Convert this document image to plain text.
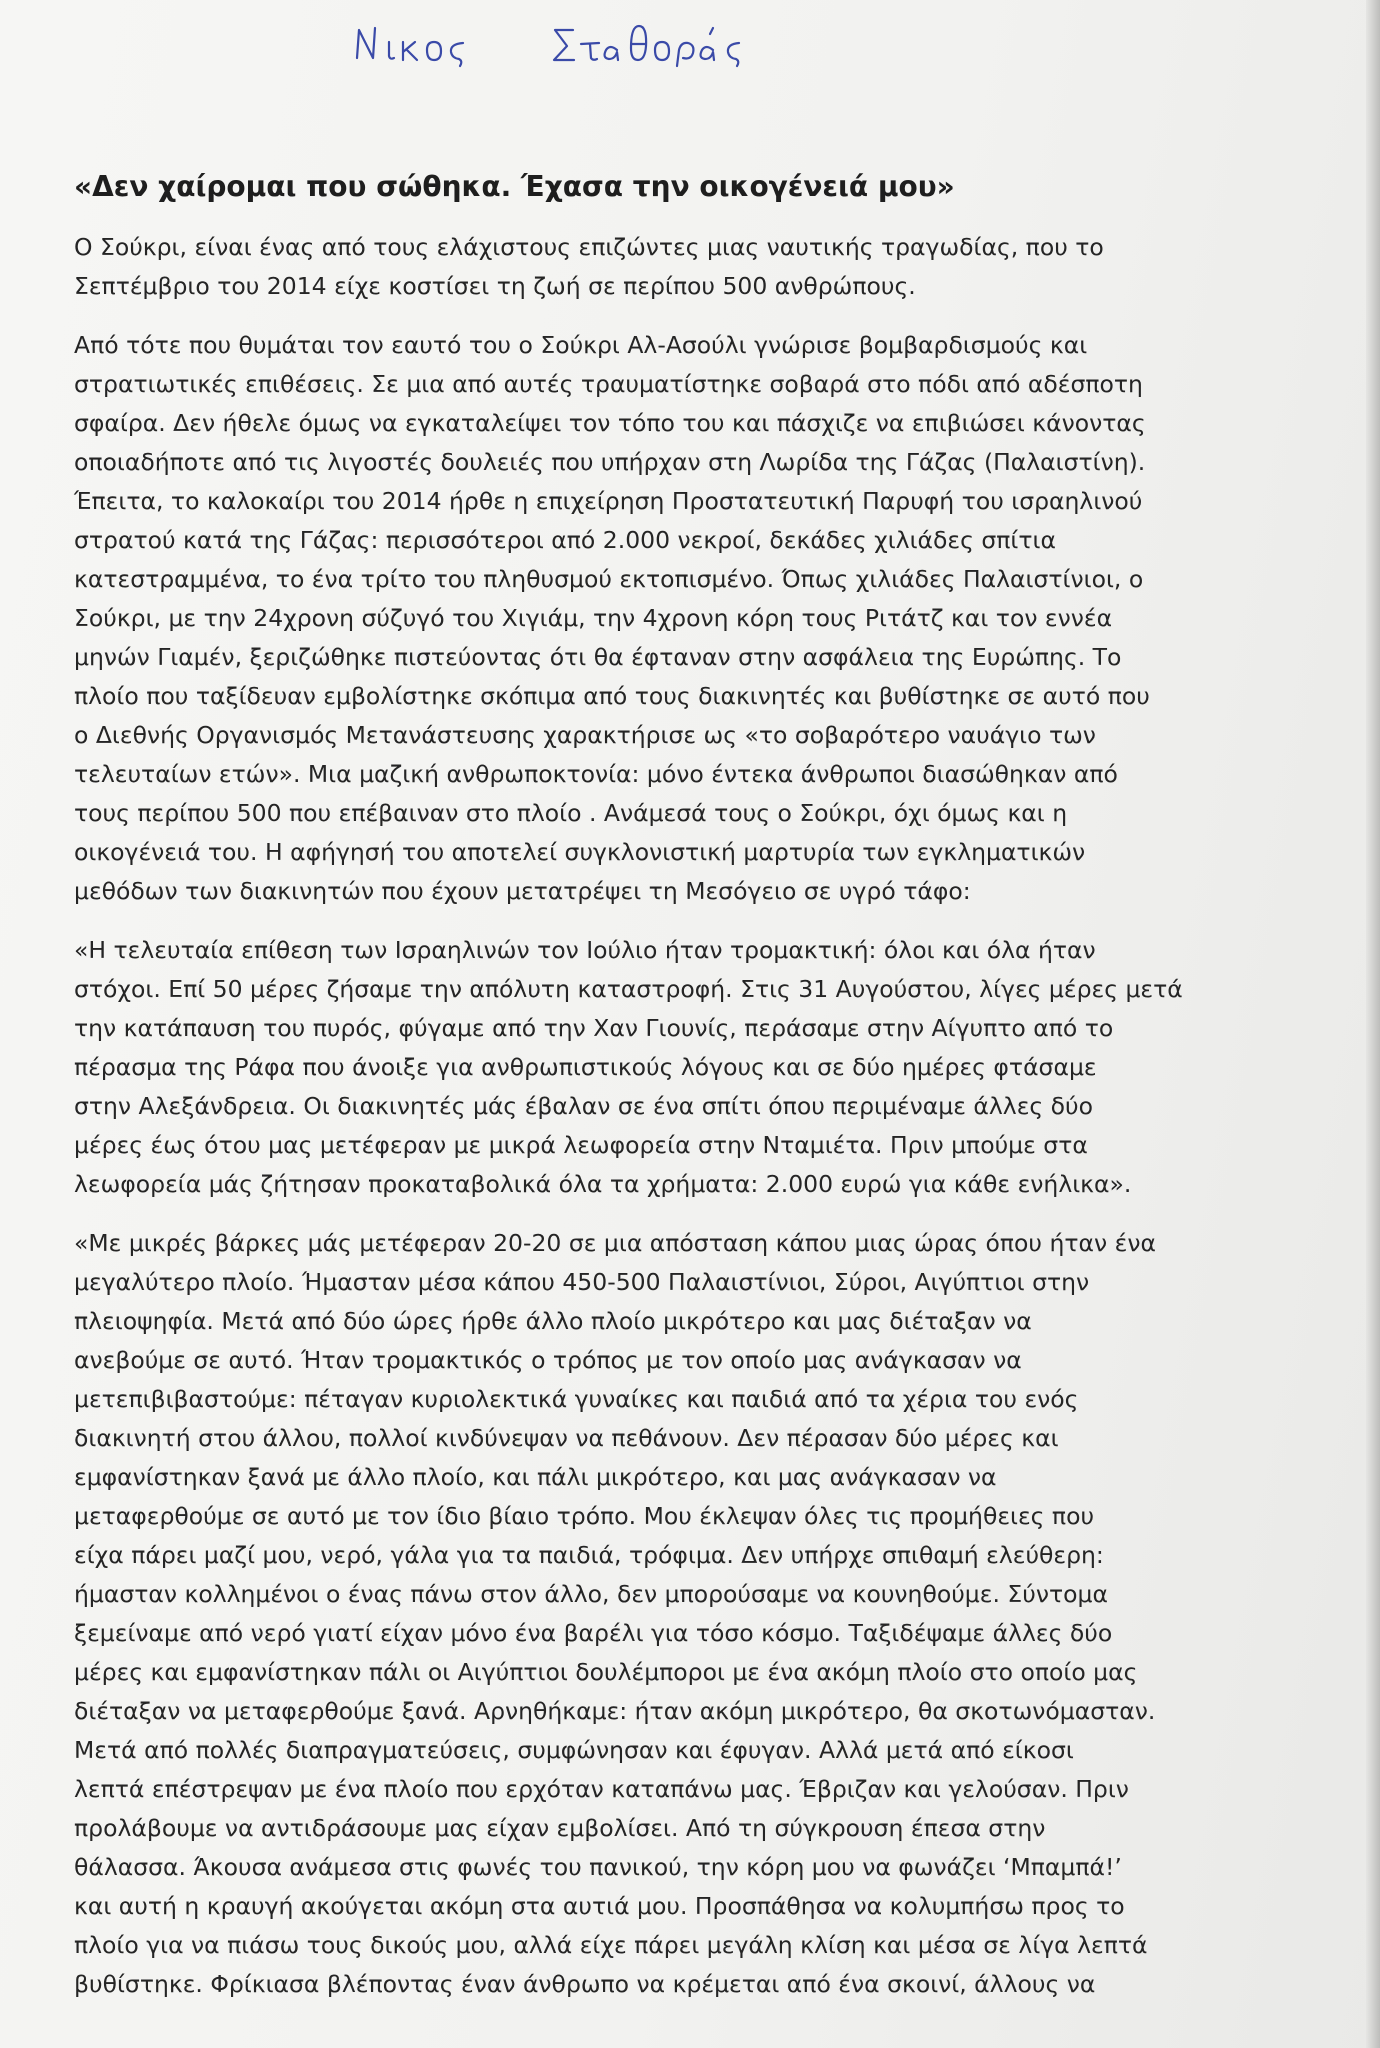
«Δεν χαίρομαι που σώθηκα. Έχασα την οικογένειά μου»
Ο Σούκρι, είναι ένας από τους ελάχιστους επιζώντες μιας ναυτικής τραγωδίας, που το
Σεπτέμβριο του 2014 είχε κοστίσει τη ζωή σε περίπου 500 ανθρώπους.
Από τότε που θυμάται τον εαυτό του ο Σούκρι Αλ-Ασούλι γνώρισε βομβαρδισμούς και
στρατιωτικές επιθέσεις. Σε μια από αυτές τραυματίστηκε σοβαρά στο πόδι από αδέσποτη
σφαίρα. Δεν ήθελε όμως να εγκαταλείψει τον τόπο του και πάσχιζε να επιβιώσει κάνοντας
οποιαδήποτε από τις λιγοστές δουλειές που υπήρχαν στη Λωρίδα της Γάζας (Παλαιστίνη).
Έπειτα, το καλοκαίρι του 2014 ήρθε η επιχείρηση Προστατευτική Παρυφή του ισραηλινού
στρατού κατά της Γάζας: περισσότεροι από 2.000 νεκροί, δεκάδες χιλιάδες σπίτια
κατεστραμμένα, το ένα τρίτο του πληθυσμού εκτοπισμένο. Όπως χιλιάδες Παλαιστίνιοι, ο
Σούκρι, με την 24χρονη σύζυγό του Χιγιάμ, την 4χρονη κόρη τους Ριτάτζ και τον εννέα
μηνών Γιαμέν, ξεριζώθηκε πιστεύοντας ότι θα έφταναν στην ασφάλεια της Ευρώπης. Το
πλοίο που ταξίδευαν εμβολίστηκε σκόπιμα από τους διακινητές και βυθίστηκε σε αυτό που
ο Διεθνής Οργανισμός Μετανάστευσης χαρακτήρισε ως «το σοβαρότερο ναυάγιο των
τελευταίων ετών». Μια μαζική ανθρωποκτονία: μόνο έντεκα άνθρωποι διασώθηκαν από
τους περίπου 500 που επέβαιναν στο πλοίο . Ανάμεσά τους ο Σούκρι, όχι όμως και η
οικογένειά του. Η αφήγησή του αποτελεί συγκλονιστική μαρτυρία των εγκληματικών
μεθόδων των διακινητών που έχουν μετατρέψει τη Μεσόγειο σε υγρό τάφο:
«Η τελευταία επίθεση των Ισραηλινών τον Ιούλιο ήταν τρομακτική: όλοι και όλα ήταν
στόχοι. Επί 50 μέρες ζήσαμε την απόλυτη καταστροφή. Στις 31 Αυγούστου, λίγες μέρες μετά
την κατάπαυση του πυρός, φύγαμε από την Χαν Γιουνίς, περάσαμε στην Αίγυπτο από το
πέρασμα της Ράφα που άνοιξε για ανθρωπιστικούς λόγους και σε δύο ημέρες φτάσαμε
στην Αλεξάνδρεια. Οι διακινητές μάς έβαλαν σε ένα σπίτι όπου περιμέναμε άλλες δύο
μέρες έως ότου μας μετέφεραν με μικρά λεωφορεία στην Νταμιέτα. Πριν μπούμε στα
λεωφορεία μάς ζήτησαν προκαταβολικά όλα τα χρήματα: 2.000 ευρώ για κάθε ενήλικα».
«Με μικρές βάρκες μάς μετέφεραν 20-20 σε μια απόσταση κάπου μιας ώρας όπου ήταν ένα
μεγαλύτερο πλοίο. Ήμασταν μέσα κάπου 450-500 Παλαιστίνιοι, Σύροι, Αιγύπτιοι στην
πλειοψηφία. Μετά από δύο ώρες ήρθε άλλο πλοίο μικρότερο και μας διέταξαν να
ανεβούμε σε αυτό. Ήταν τρομακτικός ο τρόπος με τον οποίο μας ανάγκασαν να
μετεπιβιβαστούμε: πέταγαν κυριολεκτικά γυναίκες και παιδιά από τα χέρια του ενός
διακινητή στου άλλου, πολλοί κινδύνεψαν να πεθάνουν. Δεν πέρασαν δύο μέρες και
εμφανίστηκαν ξανά με άλλο πλοίο, και πάλι μικρότερο, και μας ανάγκασαν να
μεταφερθούμε σε αυτό με τον ίδιο βίαιο τρόπο. Μου έκλεψαν όλες τις προμήθειες που
είχα πάρει μαζί μου, νερό, γάλα για τα παιδιά, τρόφιμα. Δεν υπήρχε σπιθαμή ελεύθερη:
ήμασταν κολλημένοι ο ένας πάνω στον άλλο, δεν μπορούσαμε να κουνηθούμε. Σύντομα
ξεμείναμε από νερό γιατί είχαν μόνο ένα βαρέλι για τόσο κόσμο. Ταξιδέψαμε άλλες δύο
μέρες και εμφανίστηκαν πάλι οι Αιγύπτιοι δουλέμποροι με ένα ακόμη πλοίο στο οποίο μας
διέταξαν να μεταφερθούμε ξανά. Αρνηθήκαμε: ήταν ακόμη μικρότερο, θα σκοτωνόμασταν.
Μετά από πολλές διαπραγματεύσεις, συμφώνησαν και έφυγαν. Αλλά μετά από είκοσι
λεπτά επέστρεψαν με ένα πλοίο που ερχόταν καταπάνω μας. Έβριζαν και γελούσαν. Πριν
προλάβουμε να αντιδράσουμε μας είχαν εμβολίσει. Από τη σύγκρουση έπεσα στην
θάλασσα. Άκουσα ανάμεσα στις φωνές του πανικού, την κόρη μου να φωνάζει ‘Μπαμπά!’
και αυτή η κραυγή ακούγεται ακόμη στα αυτιά μου. Προσπάθησα να κολυμπήσω προς το
πλοίο για να πιάσω τους δικούς μου, αλλά είχε πάρει μεγάλη κλίση και μέσα σε λίγα λεπτά
βυθίστηκε. Φρίκιασα βλέποντας έναν άνθρωπο να κρέμεται από ένα σκοινί, άλλους να
